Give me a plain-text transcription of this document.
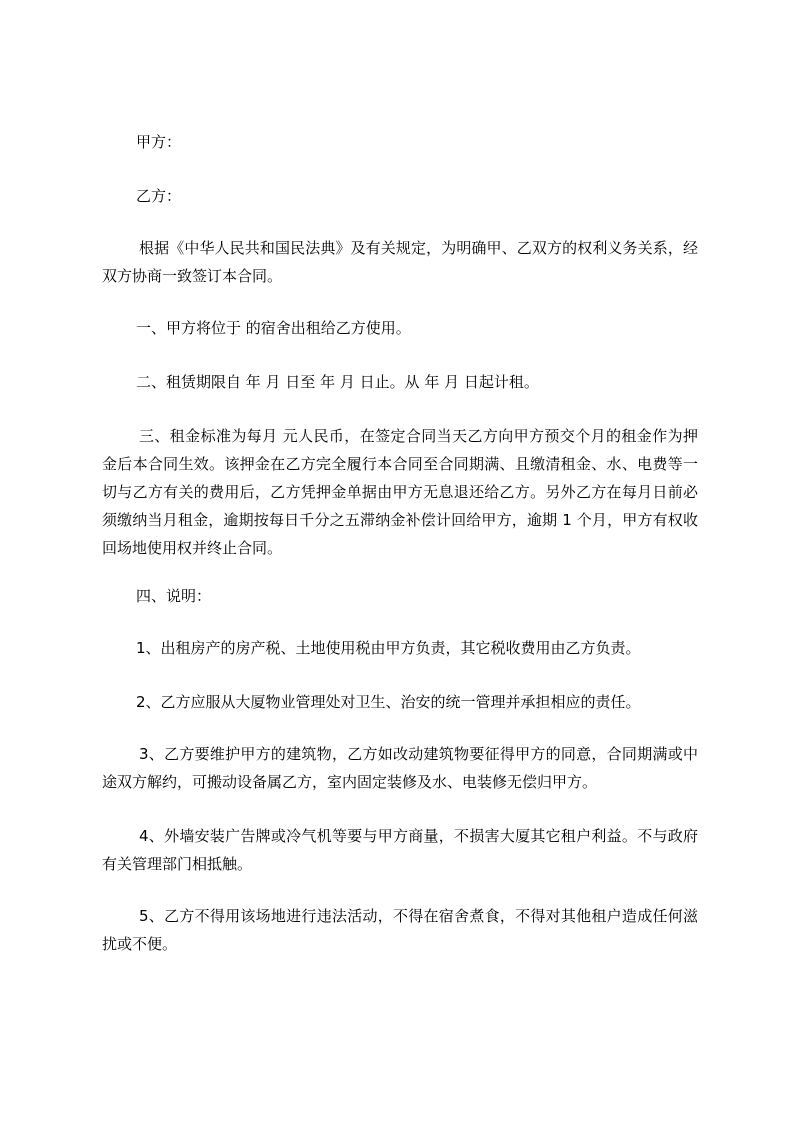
甲方：

乙方：

根据《中华人民共和国民法典》及有关规定，为明确甲、乙双方的权利义务关系，经双方协商一致签订本合同。

一、甲方将位于 的宿舍出租给乙方使用。

二、租赁期限自 年 月 日至 年 月 日止。从 年 月 日起计租。

三、租金标准为每月 元人民币，在签定合同当天乙方向甲方预交个月的租金作为押金后本合同生效。该押金在乙方完全履行本合同至合同期满、且缴清租金、水、电费等一切与乙方有关的费用后，乙方凭押金单据由甲方无息退还给乙方。另外乙方在每月日前必须缴纳当月租金，逾期按每日千分之五滞纳金补偿计回给甲方，逾期 1 个月，甲方有权收回场地使用权并终止合同。

四、说明：

1、出租房产的房产税、土地使用税由甲方负责，其它税收费用由乙方负责。

2、乙方应服从大厦物业管理处对卫生、治安的统一管理并承担相应的责任。

3、乙方要维护甲方的建筑物，乙方如改动建筑物要征得甲方的同意，合同期满或中途双方解约，可搬动设备属乙方，室内固定装修及水、电装修无偿归甲方。

4、外墙安装广告牌或冷气机等要与甲方商量，不损害大厦其它租户利益。不与政府有关管理部门相抵触。

5、乙方不得用该场地进行违法活动，不得在宿舍煮食，不得对其他租户造成任何滋扰或不便。
